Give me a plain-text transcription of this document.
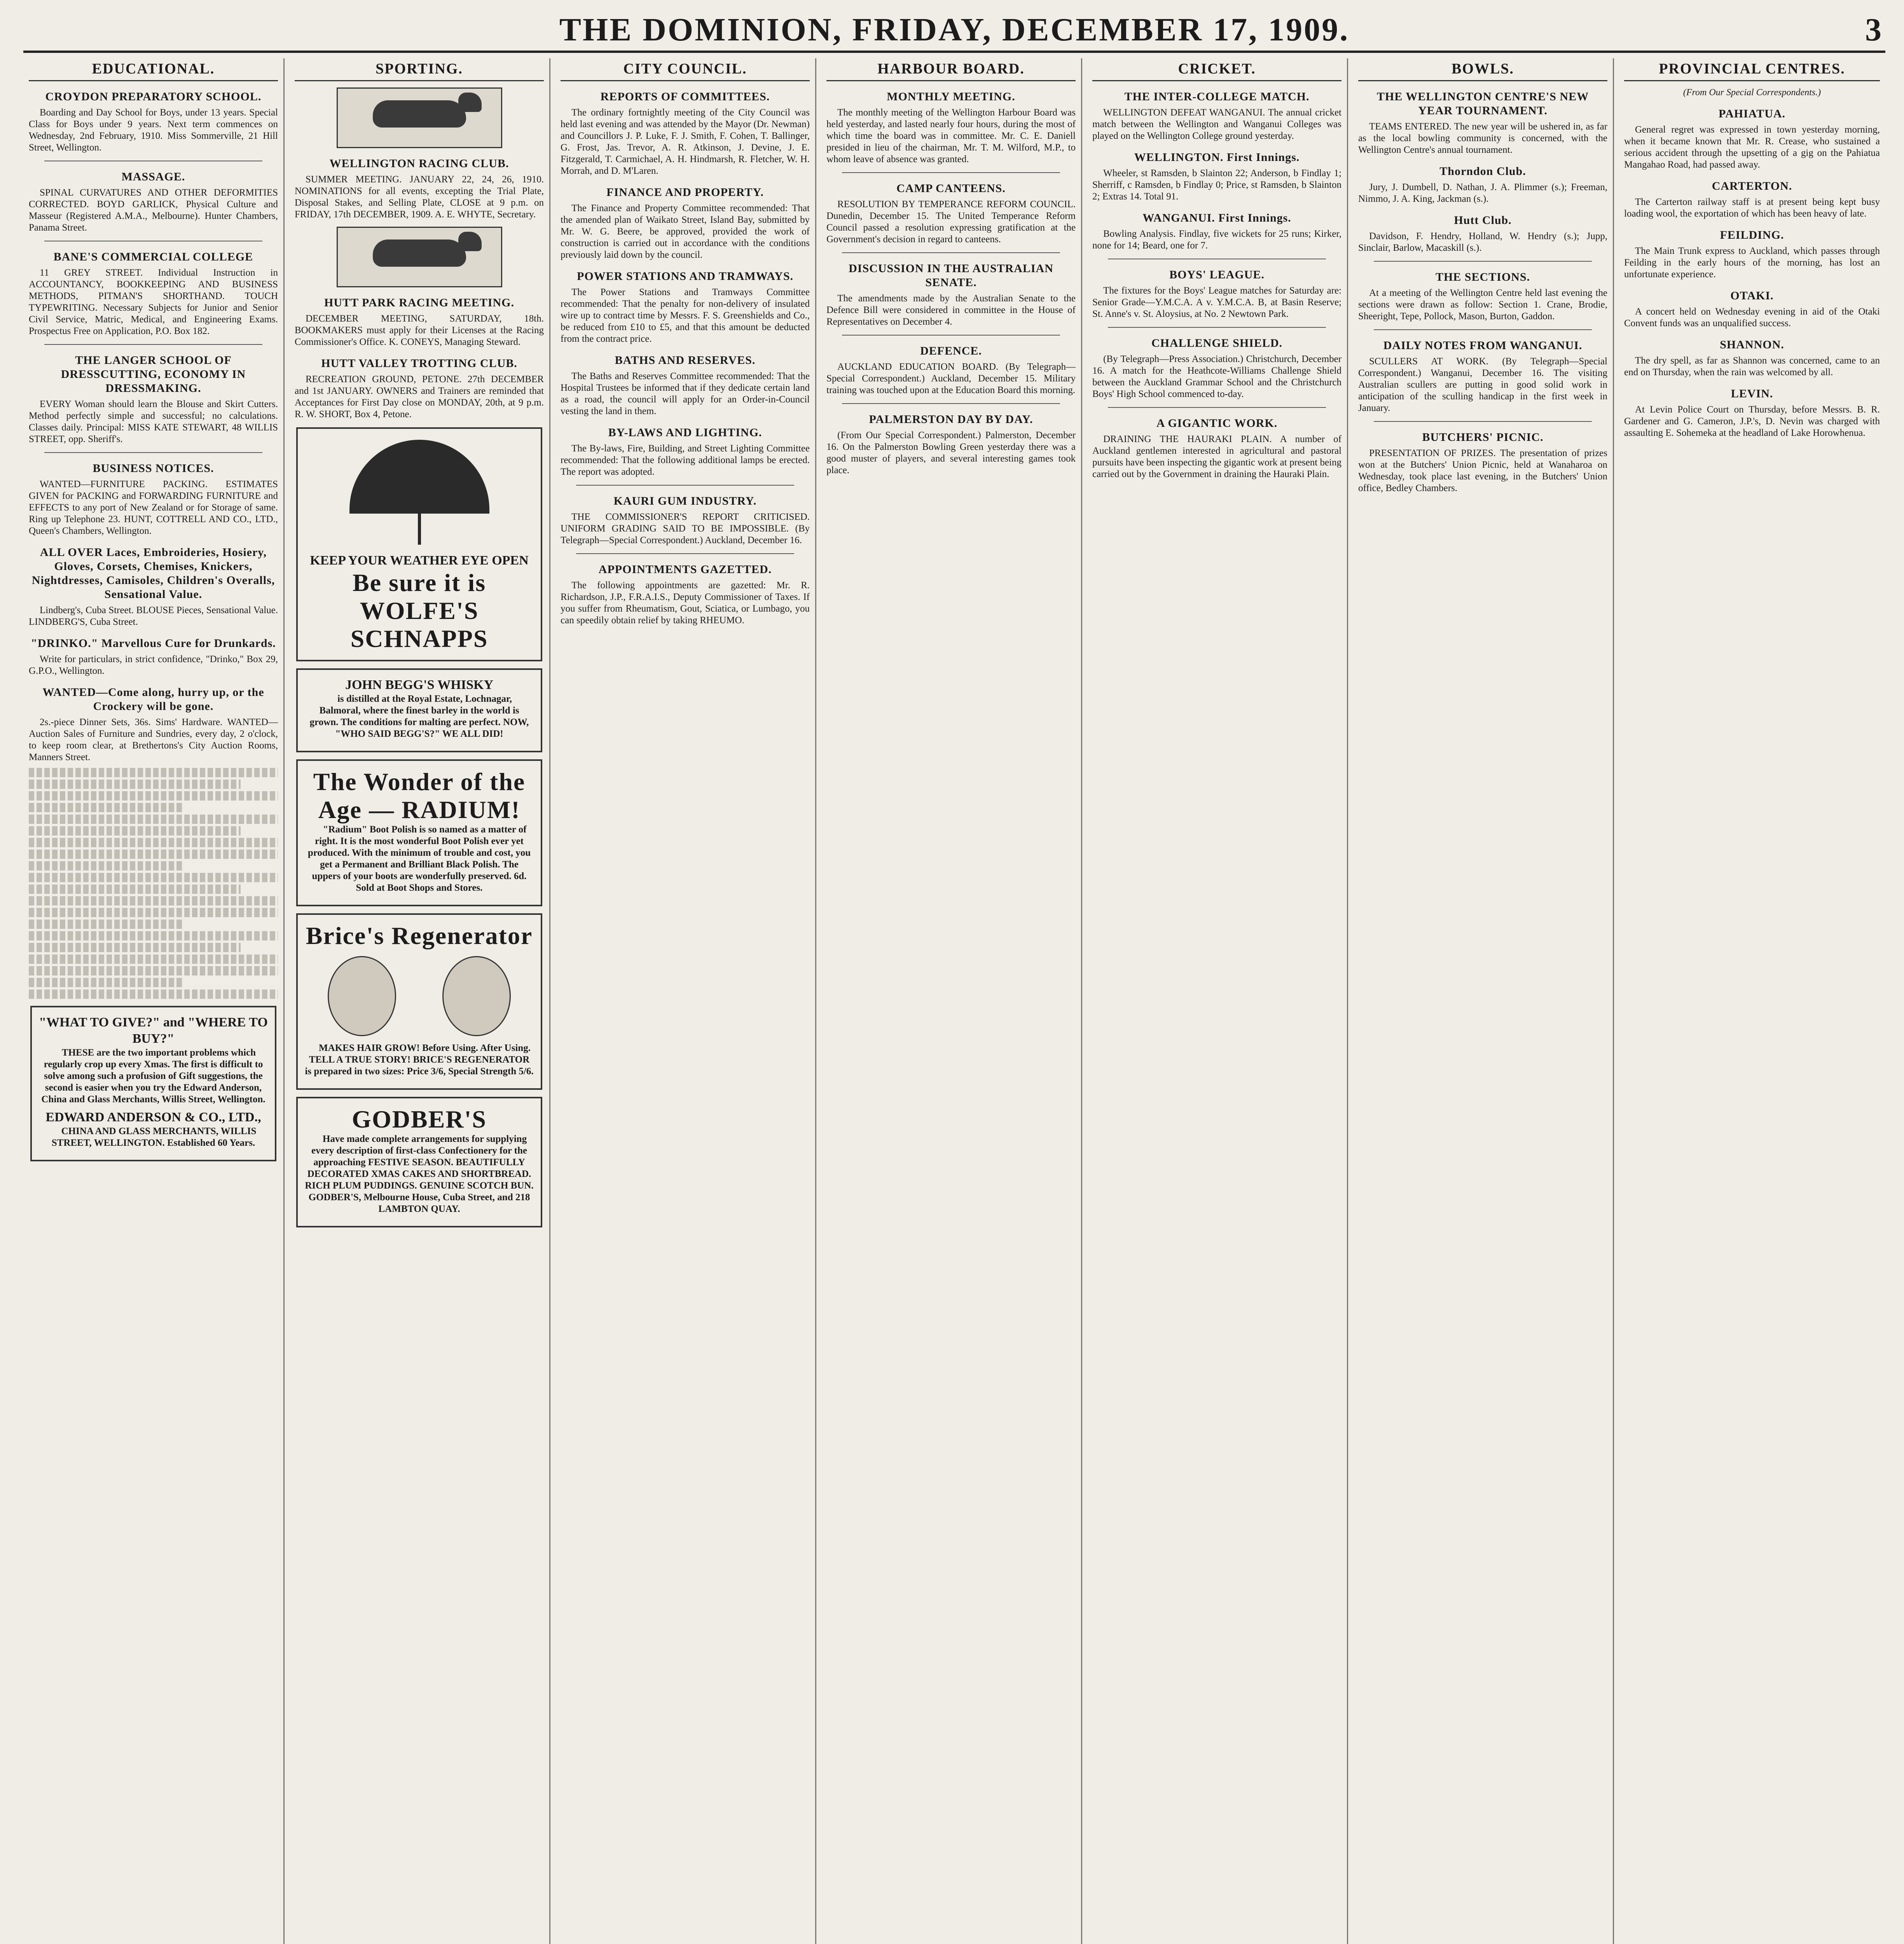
THE DOMINION, FRIDAY, DECEMBER 17, 1909.	3
EDUCATIONAL.
CROYDON PREPARATORY SCHOOL.

Boarding and Day School for Boys, under 13 years. Special Class for Boys under 9 years. Next term commences on Wednesday, 2nd February, 1910. Miss Sommerville, 21 Hill Street, Wellington.

MASSAGE.

SPINAL CURVATURES AND OTHER DEFORMITIES CORRECTED. BOYD GARLICK, Physical Culture and Masseur (Registered A.M.A., Melbourne). Hunter Chambers, Panama Street.

BANE'S COMMERCIAL COLLEGE

11 GREY STREET. Individual Instruction in ACCOUNTANCY, BOOKKEEPING AND BUSINESS METHODS, PITMAN'S SHORTHAND. TOUCH TYPEWRITING. Necessary Subjects for Junior and Senior Civil Service, Matric, Medical, and Engineering Exams. Prospectus Free on Application, P.O. Box 182.

THE LANGER SCHOOL OF DRESSCUTTING, ECONOMY IN DRESSMAKING.

EVERY Woman should learn the Blouse and Skirt Cutters. Method perfectly simple and successful; no calculations. Classes daily. Principal: MISS KATE STEWART, 48 WILLIS STREET, opp. Sheriff's.

BUSINESS NOTICES.

WANTED—FURNITURE PACKING. ESTIMATES GIVEN for PACKING and FORWARDING FURNITURE and EFFECTS to any port of New Zealand or for Storage of same. Ring up Telephone 23. HUNT, COTTRELL AND CO., LTD., Queen's Chambers, Wellington.

ALL OVER Laces, Embroideries, Hosiery, Gloves, Corsets, Chemises, Knickers, Nightdresses, Camisoles, Children's Overalls, Sensational Value.

Lindberg's, Cuba Street. BLOUSE Pieces, Sensational Value. LINDBERG'S, Cuba Street.

"DRINKO." Marvellous Cure for Drunkards.

Write for particulars, in strict confidence, "Drinko," Box 29, G.P.O., Wellington.

WANTED—Come along, hurry up, or the Crockery will be gone.

2s.-piece Dinner Sets, 36s. Sims' Hardware. WANTED—Auction Sales of Furniture and Sundries, every day, 2 o'clock, to keep room clear, at Brethertons's City Auction Rooms, Manners Street.

"WHAT TO GIVE?" and "WHERE TO BUY?"

THESE are the two important problems which regularly crop up every Xmas. The first is difficult to solve among such a profusion of Gift suggestions, the second is easier when you try the Edward Anderson, China and Glass Merchants, Willis Street, Wellington.

EDWARD ANDERSON & CO., LTD.,

CHINA AND GLASS MERCHANTS, WILLIS STREET, WELLINGTON. Established 60 Years.

SPORTING.
WELLINGTON RACING CLUB.

SUMMER MEETING. JANUARY 22, 24, 26, 1910. NOMINATIONS for all events, excepting the Trial Plate, Disposal Stakes, and Selling Plate, CLOSE at 9 p.m. on FRIDAY, 17th DECEMBER, 1909. A. E. WHYTE, Secretary.

HUTT PARK RACING MEETING.

DECEMBER MEETING, SATURDAY, 18th. BOOKMAKERS must apply for their Licenses at the Racing Commissioner's Office. K. CONEYS, Managing Steward.

HUTT VALLEY TROTTING CLUB.

RECREATION GROUND, PETONE. 27th DECEMBER and 1st JANUARY. OWNERS and Trainers are reminded that Acceptances for First Day close on MONDAY, 20th, at 9 p.m. R. W. SHORT, Box 4, Petone.

KEEP YOUR WEATHER EYE OPEN
Be sure it is WOLFE'S SCHNAPPS
JOHN BEGG'S WHISKY

is distilled at the Royal Estate, Lochnagar, Balmoral, where the finest barley in the world is grown. The conditions for malting are perfect. NOW, "WHO SAID BEGG'S?" WE ALL DID!

The Wonder of the Age — RADIUM!

"Radium" Boot Polish is so named as a matter of right. It is the most wonderful Boot Polish ever yet produced. With the minimum of trouble and cost, you get a Permanent and Brilliant Black Polish. The uppers of your boots are wonderfully preserved. 6d. Sold at Boot Shops and Stores.

Brice's Regenerator

MAKES HAIR GROW! Before Using. After Using. TELL A TRUE STORY! BRICE'S REGENERATOR is prepared in two sizes: Price 3/6, Special Strength 5/6.

GODBER'S

Have made complete arrangements for supplying every description of first-class Confectionery for the approaching FESTIVE SEASON. BEAUTIFULLY DECORATED XMAS CAKES AND SHORTBREAD. RICH PLUM PUDDINGS. GENUINE SCOTCH BUN. GODBER'S, Melbourne House, Cuba Street, and 218 LAMBTON QUAY.

CITY COUNCIL.
REPORTS OF COMMITTEES.

The ordinary fortnightly meeting of the City Council was held last evening and was attended by the Mayor (Dr. Newman) and Councillors J. P. Luke, F. J. Smith, F. Cohen, T. Ballinger, G. Frost, Jas. Trevor, A. R. Atkinson, J. Devine, J. E. Fitzgerald, T. Carmichael, A. H. Hindmarsh, R. Fletcher, W. H. Morrah, and D. M'Laren.

FINANCE AND PROPERTY.

The Finance and Property Committee recommended: That the amended plan of Waikato Street, Island Bay, submitted by Mr. W. G. Beere, be approved, provided the work of construction is carried out in accordance with the conditions previously laid down by the council.

POWER STATIONS AND TRAMWAYS.

The Power Stations and Tramways Committee recommended: That the penalty for non-delivery of insulated wire up to contract time by Messrs. F. S. Greenshields and Co., be reduced from £10 to £5, and that this amount be deducted from the contract price.

BATHS AND RESERVES.

The Baths and Reserves Committee recommended: That the Hospital Trustees be informed that if they dedicate certain land as a road, the council will apply for an Order-in-Council vesting the land in them.

BY-LAWS AND LIGHTING.

The By-laws, Fire, Building, and Street Lighting Committee recommended: That the following additional lamps be erected. The report was adopted.

KAURI GUM INDUSTRY.

THE COMMISSIONER'S REPORT CRITICISED. UNIFORM GRADING SAID TO BE IMPOSSIBLE. (By Telegraph—Special Correspondent.) Auckland, December 16.

APPOINTMENTS GAZETTED.

The following appointments are gazetted: Mr. R. Richardson, J.P., F.R.A.I.S., Deputy Commissioner of Taxes. If you suffer from Rheumatism, Gout, Sciatica, or Lumbago, you can speedily obtain relief by taking RHEUMO.

HARBOUR BOARD.
MONTHLY MEETING.

The monthly meeting of the Wellington Harbour Board was held yesterday, and lasted nearly four hours, during the most of which time the board was in committee. Mr. C. E. Daniell presided in lieu of the chairman, Mr. T. M. Wilford, M.P., to whom leave of absence was granted.

CAMP CANTEENS.

RESOLUTION BY TEMPERANCE REFORM COUNCIL. Dunedin, December 15. The United Temperance Reform Council passed a resolution expressing gratification at the Government's decision in regard to canteens.

DISCUSSION IN THE AUSTRALIAN SENATE.

The amendments made by the Australian Senate to the Defence Bill were considered in committee in the House of Representatives on December 4.

DEFENCE.

AUCKLAND EDUCATION BOARD. (By Telegraph—Special Correspondent.) Auckland, December 15. Military training was touched upon at the Education Board this morning.

PALMERSTON DAY BY DAY.

(From Our Special Correspondent.) Palmerston, December 16. On the Palmerston Bowling Green yesterday there was a good muster of players, and several interesting games took place.

CRICKET.
THE INTER-COLLEGE MATCH.

WELLINGTON DEFEAT WANGANUI. The annual cricket match between the Wellington and Wanganui Colleges was played on the Wellington College ground yesterday.

WELLINGTON. First Innings.

Wheeler, st Ramsden, b Slainton 22; Anderson, b Findlay 1; Sherriff, c Ramsden, b Findlay 0; Price, st Ramsden, b Slainton 2; Extras 14. Total 91.

WANGANUI. First Innings.

Bowling Analysis. Findlay, five wickets for 25 runs; Kirker, none for 14; Beard, one for 7.

BOYS' LEAGUE.

The fixtures for the Boys' League matches for Saturday are: Senior Grade—Y.M.C.A. A v. Y.M.C.A. B, at Basin Reserve; St. Anne's v. St. Aloysius, at No. 2 Newtown Park.

CHALLENGE SHIELD.

(By Telegraph—Press Association.) Christchurch, December 16. A match for the Heathcote-Williams Challenge Shield between the Auckland Grammar School and the Christchurch Boys' High School commenced to-day.

A GIGANTIC WORK.

DRAINING THE HAURAKI PLAIN. A number of Auckland gentlemen interested in agricultural and pastoral pursuits have been inspecting the gigantic work at present being carried out by the Government in draining the Hauraki Plain.

BOWLS.
THE WELLINGTON CENTRE'S NEW YEAR TOURNAMENT.

TEAMS ENTERED. The new year will be ushered in, as far as the local bowling community is concerned, with the Wellington Centre's annual tournament.

Thorndon Club.

Jury, J. Dumbell, D. Nathan, J. A. Plimmer (s.); Freeman, Nimmo, J. A. King, Jackman (s.).

Hutt Club.

Davidson, F. Hendry, Holland, W. Hendry (s.); Jupp, Sinclair, Barlow, Macaskill (s.).

THE SECTIONS.

At a meeting of the Wellington Centre held last evening the sections were drawn as follow: Section 1. Crane, Brodie, Sheeright, Tepe, Pollock, Mason, Burton, Gaddon.

DAILY NOTES FROM WANGANUI.

SCULLERS AT WORK. (By Telegraph—Special Correspondent.) Wanganui, December 16. The visiting Australian scullers are putting in good solid work in anticipation of the sculling handicap in the first week in January.

BUTCHERS' PICNIC.

PRESENTATION OF PRIZES. The presentation of prizes won at the Butchers' Union Picnic, held at Wanaharoa on Wednesday, took place last evening, in the Butchers' Union office, Bedley Chambers.

PROVINCIAL CENTRES.
(From Our Special Correspondents.)
PAHIATUA.

General regret was expressed in town yesterday morning, when it became known that Mr. R. Crease, who sustained a serious accident through the upsetting of a gig on the Pahiatua Mangahao Road, had passed away.

CARTERTON.

The Carterton railway staff is at present being kept busy loading wool, the exportation of which has been heavy of late.

FEILDING.

The Main Trunk express to Auckland, which passes through Feilding in the early hours of the morning, has lost an unfortunate experience.

OTAKI.

A concert held on Wednesday evening in aid of the Otaki Convent funds was an unqualified success.

SHANNON.

The dry spell, as far as Shannon was concerned, came to an end on Thursday, when the rain was welcomed by all.

LEVIN.

At Levin Police Court on Thursday, before Messrs. B. R. Gardener and G. Cameron, J.P.'s, D. Nevin was charged with assaulting E. Sohemeka at the headland of Lake Horowhenua.
